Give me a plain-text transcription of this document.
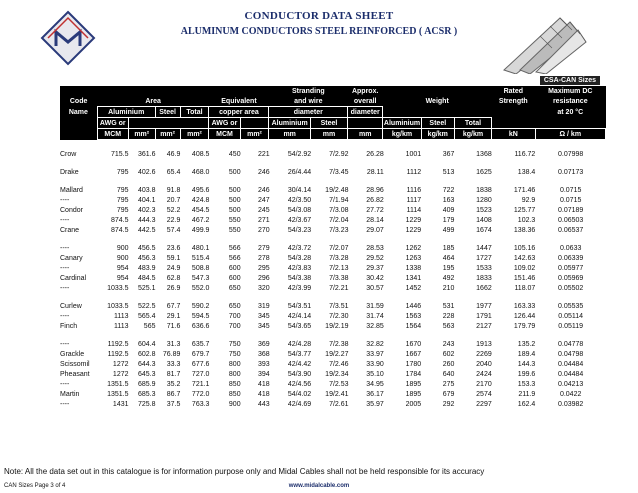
CONDUCTOR DATA SHEET
ALUMINUM CONDUCTORS STEEL REINFORCED ( ACSR )
CSA-CAN Sizes
							Stranding		Approx.				Rated	Maximum DC
Code	Area				Equivalent		and wire		overall	Weight			Strength	resistance
Name	Aluminium		Steel	Total	copper area		diameter		diameter					at 20 °C
	AWG or				AWG or		Aluminium	Steel		Aluminium	Steel	Total		
	MCM	mm²	mm²	mm²	MCM	mm²	mm	mm	mm	kg/km	kg/km	kg/km	kN	Ω / km
Crow	715.5	361.6	46.9	408.5	450	221	54/2.92	7/2.92	26.28	1001	367	1368	116.72	0.07998

Drake	795	402.6	65.4	468.0	500	246	26/4.44	7/3.45	28.11	1112	513	1625	138.4	0.07173

Mallard	795	403.8	91.8	495.6	500	246	30/4.14	19/2.48	28.96	1116	722	1838	171.46	0.0715
----	795	404.1	20.7	424.8	500	247	42/3.50	7/1.94	26.82	1117	163	1280	92.9	0.0715
Condor	795	402.3	52.2	454.5	500	245	54/3.08	7/3.08	27.72	1114	409	1523	125.77	0.07189
----	874.5	444.3	22.9	467.2	550	271	42/3.67	7/2.04	28.14	1229	179	1408	102.3	0.06503
Crane	874.5	442.5	57.4	499.9	550	270	54/3.23	7/3.23	29.07	1229	499	1674	138.36	0.06537

----	900	456.5	23.6	480.1	566	279	42/3.72	7/2.07	28.53	1262	185	1447	105.16	0.0633
Canary	900	456.3	59.1	515.4	566	278	54/3.28	7/3.28	29.52	1263	464	1727	142.63	0.06339
----	954	483.9	24.9	508.8	600	295	42/3.83	7/2.13	29.37	1338	195	1533	109.02	0.05977
Cardinal	954	484.5	62.8	547.3	600	296	54/3.38	7/3.38	30.42	1341	492	1833	151.46	0.05969
----	1033.5	525.1	26.9	552.0	650	320	42/3.99	7/2.21	30.57	1452	210	1662	118.07	0.05502

Curlew	1033.5	522.5	67.7	590.2	650	319	54/3.51	7/3.51	31.59	1446	531	1977	163.33	0.05535
----	1113	565.4	29.1	594.5	700	345	42/4.14	7/2.30	31.74	1563	228	1791	126.44	0.05114
Finch	1113	565	71.6	636.6	700	345	54/3.65	19/2.19	32.85	1564	563	2127	179.79	0.05119

----	1192.5	604.4	31.3	635.7	750	369	42/4.28	7/2.38	32.82	1670	243	1913	135.2	0.04778
Grackle	1192.5	602.8	76.89	679.7	750	368	54/3.77	19/2.27	33.97	1667	602	2269	189.4	0.04798
Scissomil	1272	644.3	33.3	677.6	800	393	42/4.42	7/2.46	33.90	1780	260	2040	144.3	0.04484
Pheasant	1272	645.3	81.7	727.0	800	394	54/3.90	19/2.34	35.10	1784	640	2424	199.6	0.04484
----	1351.5	685.9	35.2	721.1	850	418	42/4.56	7/2.53	34.95	1895	275	2170	153.3	0.04213
Martin	1351.5	685.3	86.7	772.0	850	418	54/4.02	19/2.41	36.17	1895	679	2574	211.9	0.0422
----	1431	725.8	37.5	763.3	900	443	42/4.69	7/2.61	35.97	2005	292	2297	162.4	0.03982
Note: All the data set out in this catalogue is for information purpose only and Midal Cables shall not be held responsible for its accuracy
CAN Sizes Page 3 of 4	www.midalcable.com
